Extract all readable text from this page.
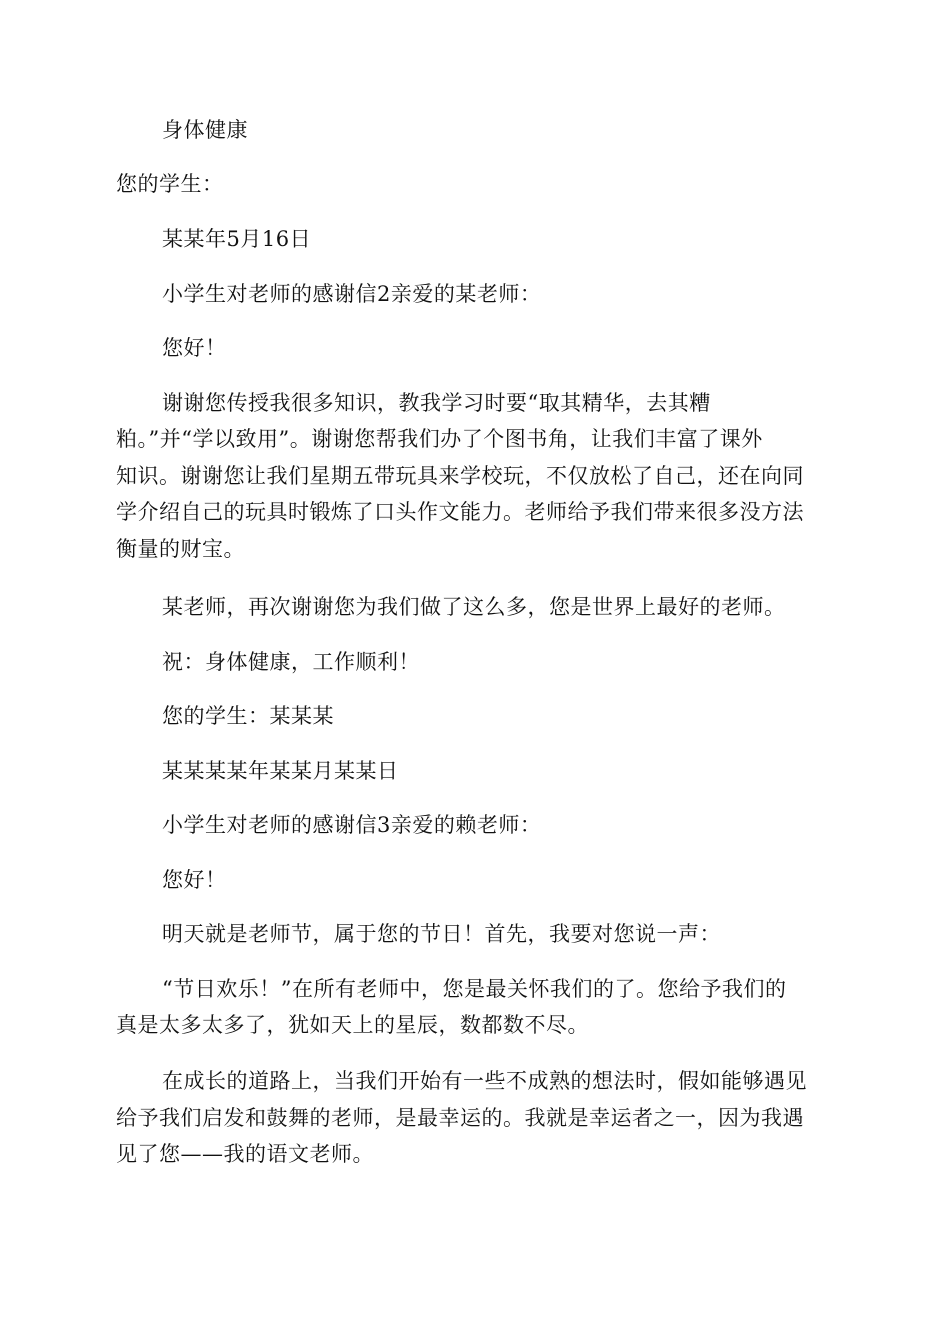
身体健康
您的学生：
某某年5月16日
小学生对老师的感谢信2亲爱的某老师：
您好！
谢谢您传授我很多知识，教我学习时要“取其精华，去其糟
粕。”并“学以致用”。谢谢您帮我们办了个图书角，让我们丰富了课外
知识。谢谢您让我们星期五带玩具来学校玩，不仅放松了自己，还在向同
学介绍自己的玩具时锻炼了口头作文能力。老师给予我们带来很多没方法
衡量的财宝。
某老师，再次谢谢您为我们做了这么多，您是世界上最好的老师。
祝：身体健康，工作顺利！
您的学生：某某某
某某某某年某某月某某日
小学生对老师的感谢信3亲爱的赖老师：
您好！
明天就是老师节，属于您的节日！首先，我要对您说一声：
“节日欢乐！”在所有老师中，您是最关怀我们的了。您给予我们的
真是太多太多了，犹如天上的星辰，数都数不尽。
在成长的道路上，当我们开始有一些不成熟的想法时，假如能够遇见
给予我们启发和鼓舞的老师，是最幸运的。我就是幸运者之一，因为我遇
见了您——我的语文老师。
